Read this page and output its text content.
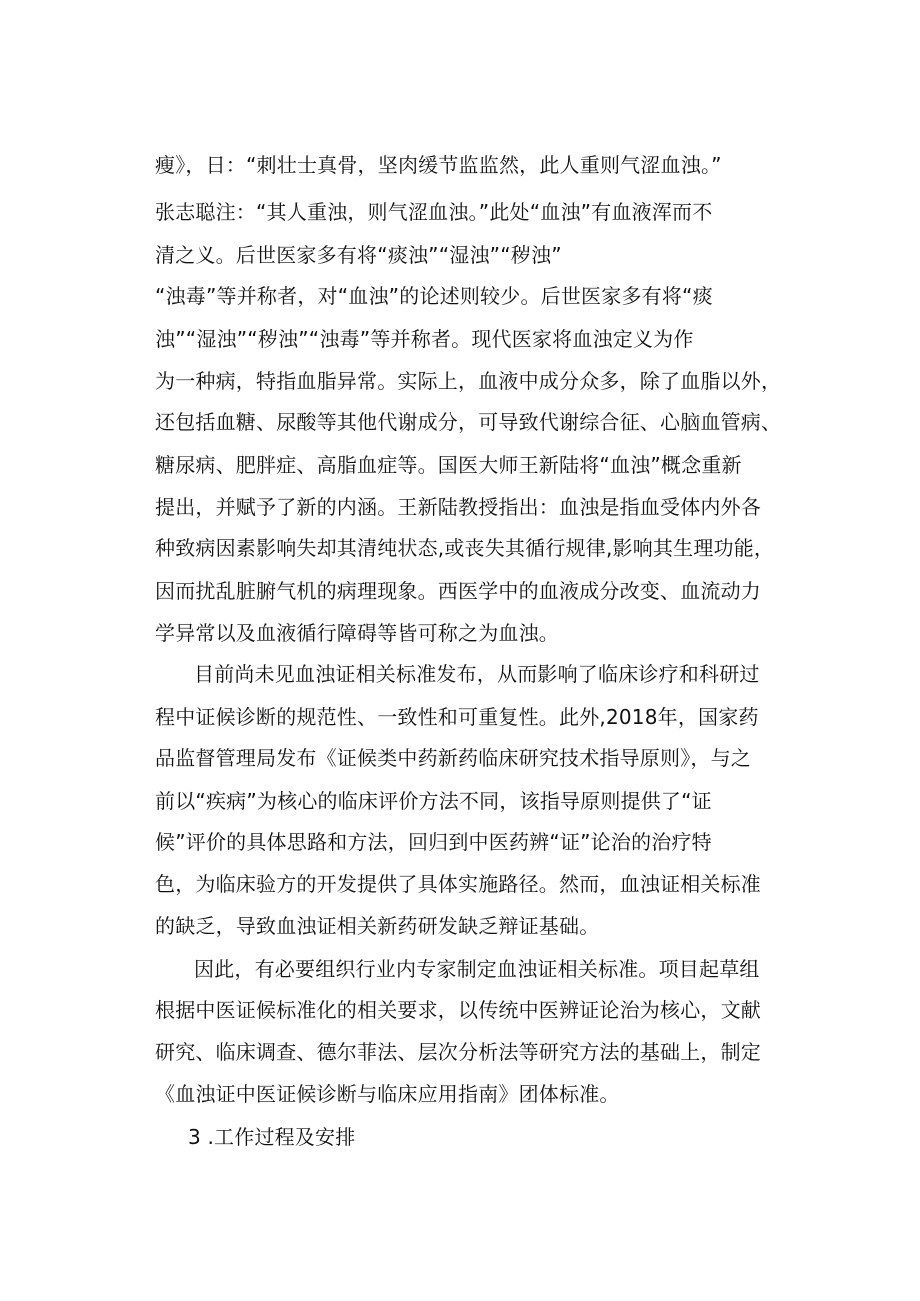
瘦》，日：“刺壮士真骨，坚肉缓节监监然，此人重则气涩血浊。”
张志聪注：“其人重浊，则气涩血浊。”此处“血浊”有血液浑而不
清之义。后世医家多有将“痰浊”“湿浊”“秽浊”
“浊毒”等并称者，对“血浊”的论述则较少。后世医家多有将“痰
浊”“湿浊”“秽浊”“浊毒”等并称者。现代医家将血浊定义为作
为一种病，特指血脂异常。实际上，血液中成分众多，除了血脂以外，
还包括血糖、尿酸等其他代谢成分，可导致代谢综合征、心脑血管病、
糖尿病、肥胖症、高脂血症等。国医大师王新陆将“血浊”概念重新
提出，并赋予了新的内涵。王新陆教授指出：血浊是指血受体内外各
种致病因素影响失却其清纯状态,或丧失其循行规律,影响其生理功能，
因而扰乱脏腑气机的病理现象。西医学中的血液成分改变、血流动力
学异常以及血液循行障碍等皆可称之为血浊。
目前尚未见血浊证相关标准发布，从而影响了临床诊疗和科研过
程中证候诊断的规范性、一致性和可重复性。此外,2018年，国家药
品监督管理局发布《证候类中药新药临床研究技术指导原则》，与之
前以“疾病”为核心的临床评价方法不同，该指导原则提供了“证
候”评价的具体思路和方法，回归到中医药辨“证”论治的治疗特
色，为临床验方的开发提供了具体实施路径。然而，血浊证相关标准
的缺乏，导致血浊证相关新药研发缺乏辩证基础。
因此，有必要组织行业内专家制定血浊证相关标准。项目起草组
根据中医证候标准化的相关要求，以传统中医辨证论治为核心，文献
研究、临床调查、德尔菲法、层次分析法等研究方法的基础上，制定
《血浊证中医证候诊断与临床应用指南》团体标准。
3 .工作过程及安排
